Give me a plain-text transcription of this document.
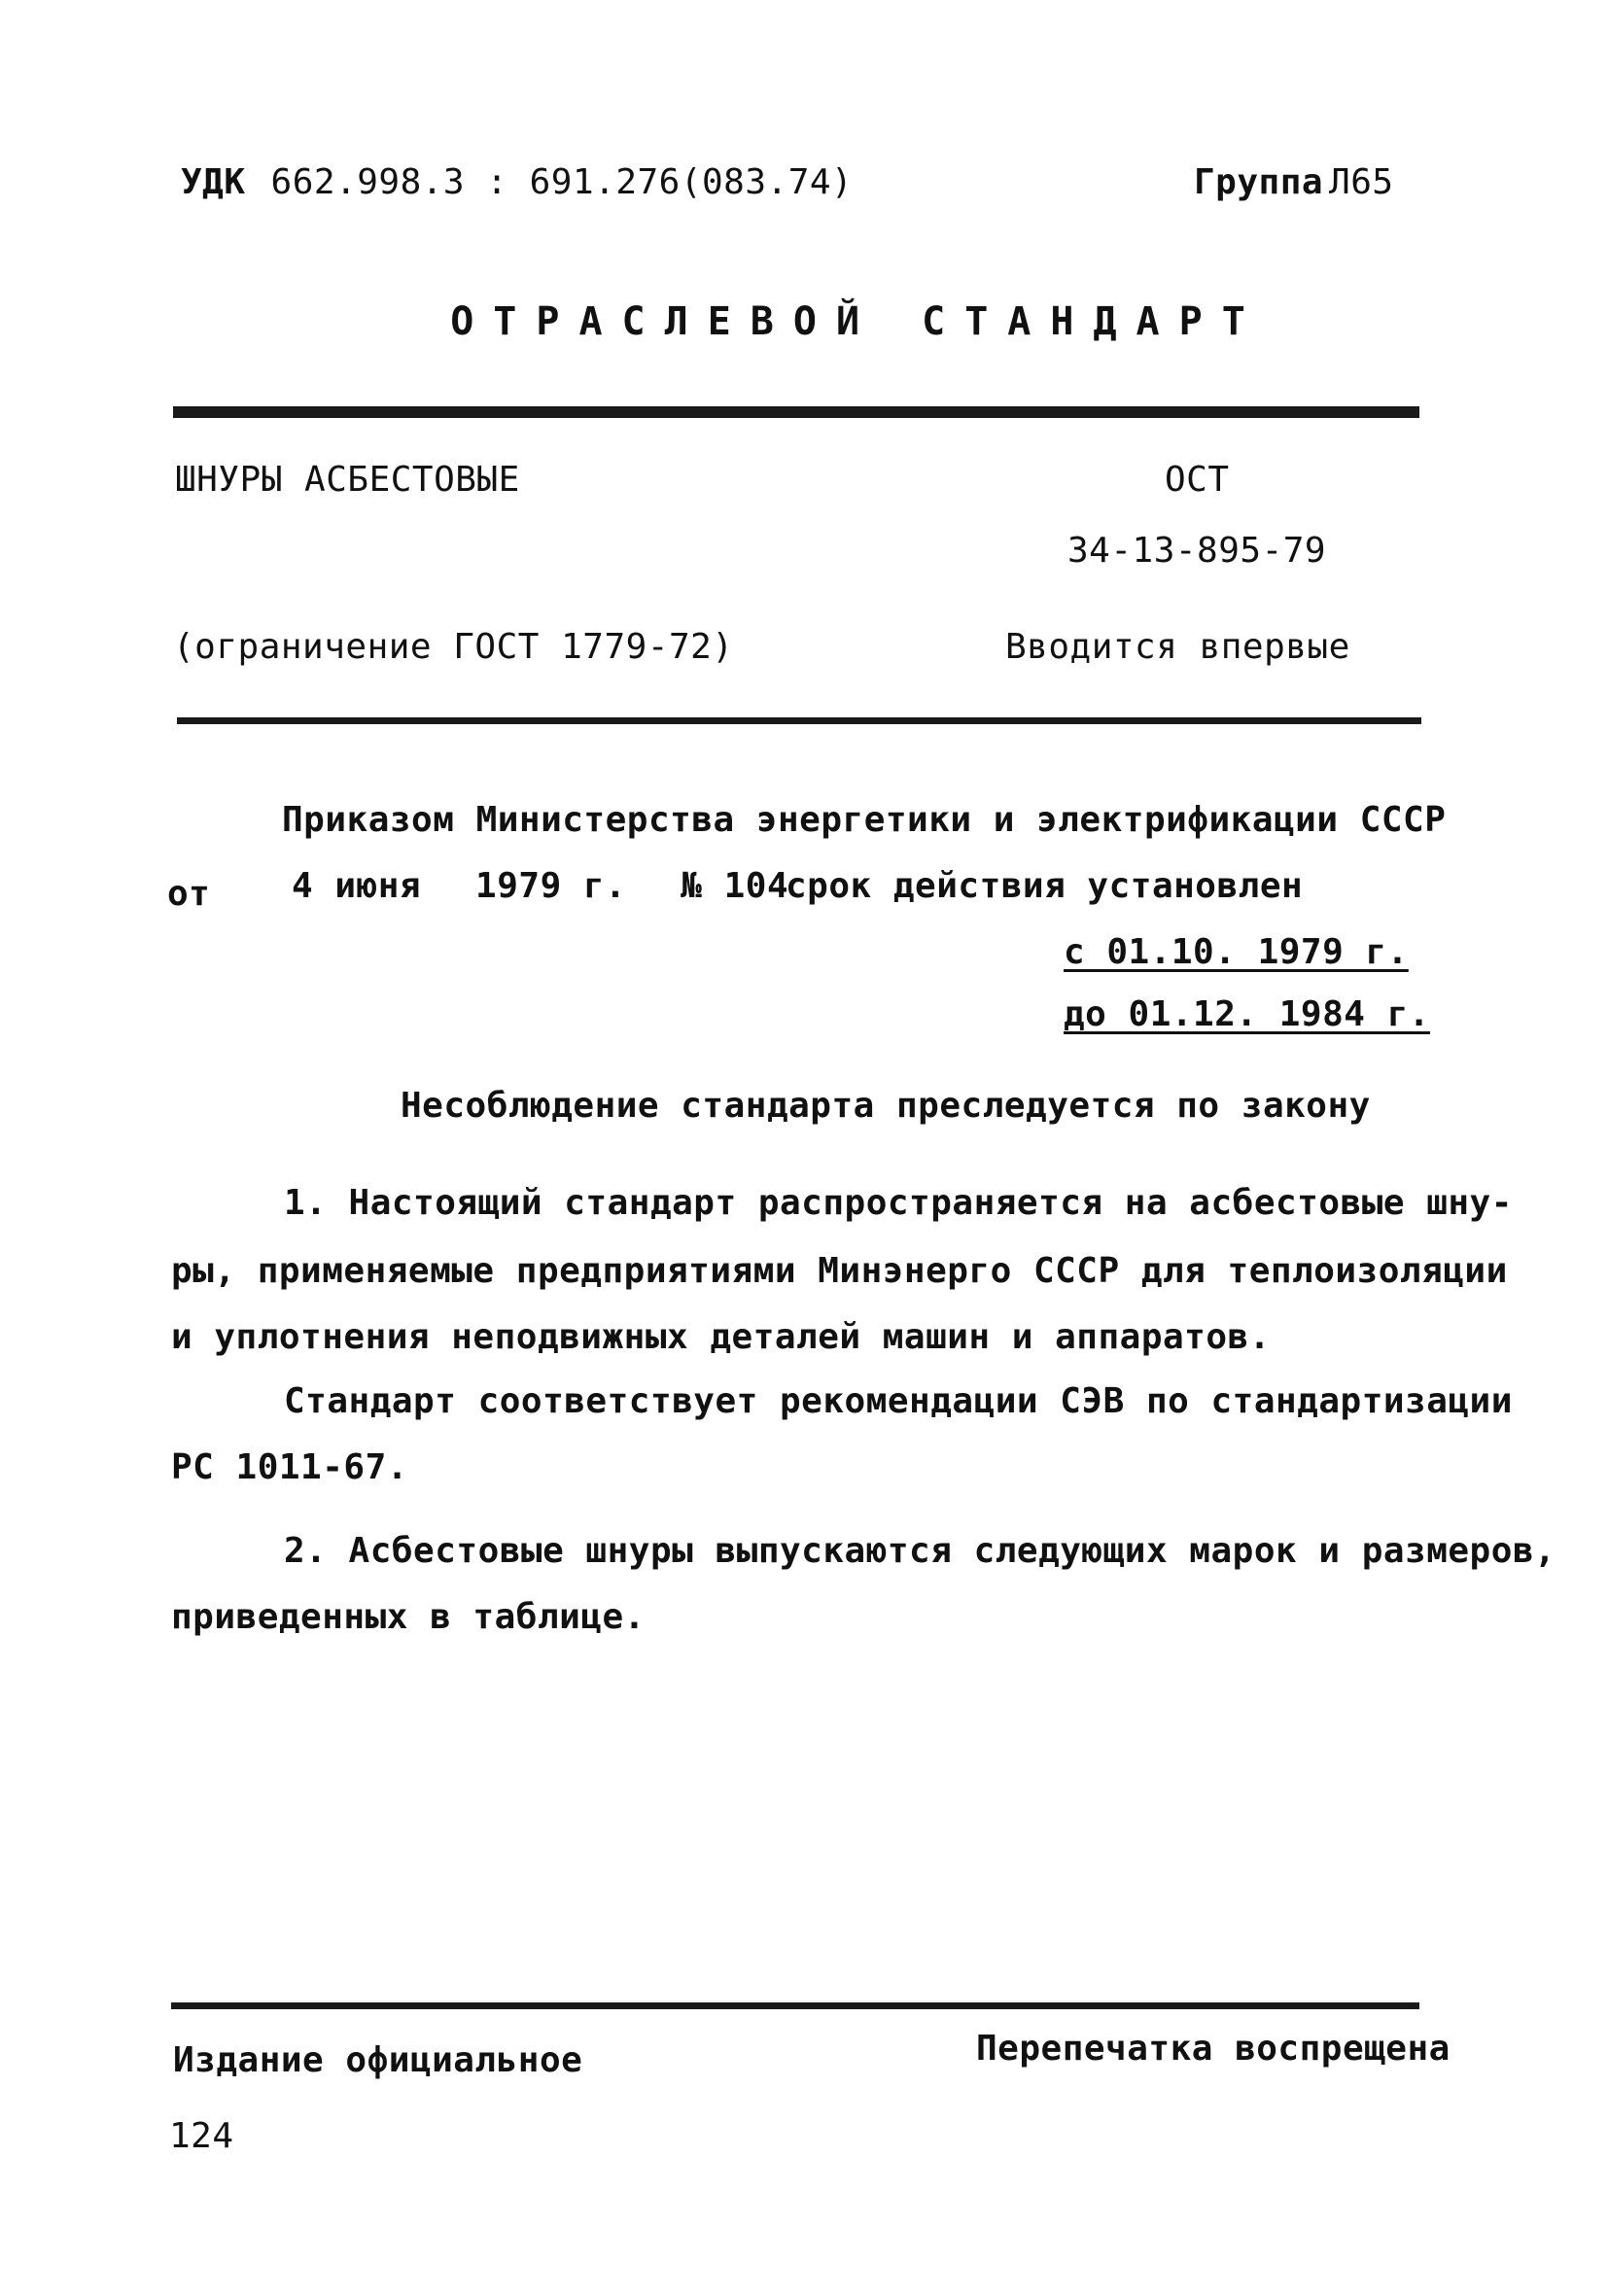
УДК 662.998.3 : 691.276(083.74)	Группа Л65
ОТРАСЛЕВОЙ СТАНДАРТ
ШНУРЫ АСБЕСТОВЫЕ	ОСТ
34-13-895-79
(ограничение ГОСТ 1779-72)	Вводится впервые
Приказом Министерства энергетики и электрификации СССР
от 4 июня 1979 г. № 104
срок действия установлен
с 01.10. 1979 г.
до 01.12. 1984 г.
Несоблюдение стандарта преследуется по закону
1. Настоящий стандарт распространяется на асбестовые шну-
ры, применяемые предприятиями Минэнерго СССР для теплоизоляции
и уплотнения неподвижных деталей машин и аппаратов.
Стандарт соответствует рекомендации СЭВ по стандартизации
РС 1011-67.
2. Асбестовые шнуры выпускаются следующих марок и размеров,
приведенных в таблице.
Издание официальное	Перепечатка воспрещена
124
